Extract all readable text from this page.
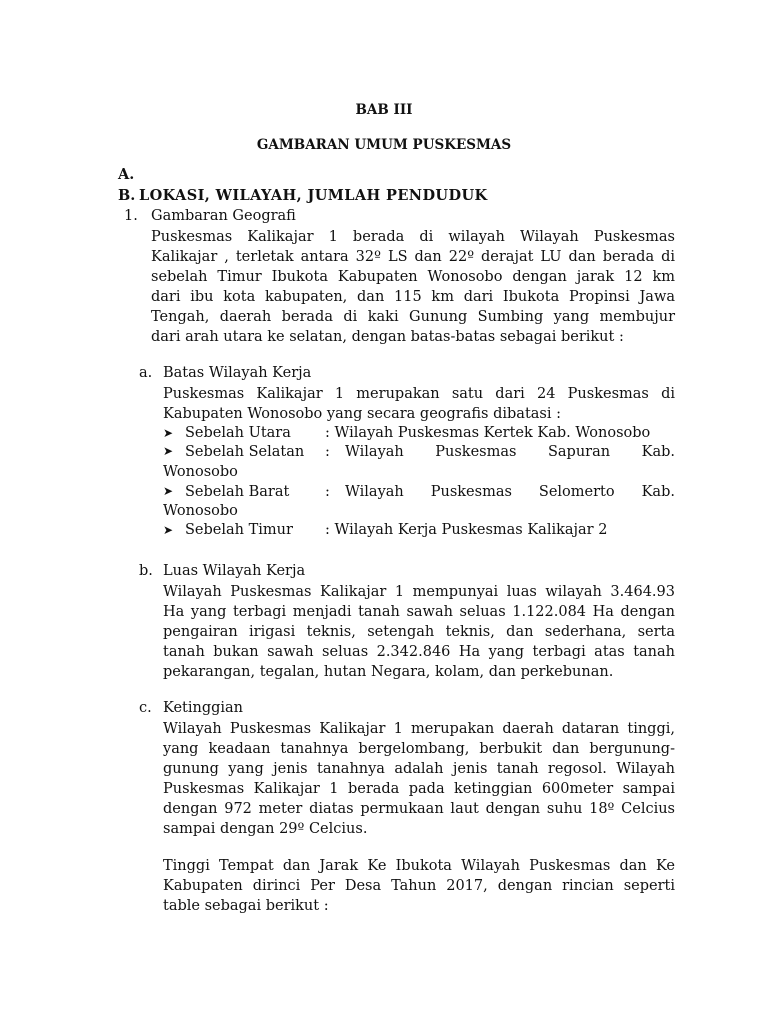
BAB III
GAMBARAN UMUM PUSKESMAS
A.
B. LOKASI, WILAYAH, JUMLAH PENDUDUK
1. Gambaran Geografi
Puskesmas Kalikajar 1 berada di wilayah Wilayah Puskesmas
Kalikajar , terletak antara 32º LS dan 22º derajat LU dan berada di
sebelah Timur Ibukota Kabupaten Wonosobo dengan jarak 12 km
dari ibu kota kabupaten, dan 115 km dari Ibukota Propinsi Jawa
Tengah, daerah berada di kaki Gunung Sumbing yang membujur
dari arah utara ke selatan, dengan batas-batas sebagai berikut :
a. Batas Wilayah Kerja
Puskesmas Kalikajar 1 merupakan satu dari 24 Puskesmas di
Kabupaten Wonosobo yang secara geografis dibatasi :
➤ Sebelah Utara : Wilayah Puskesmas Kertek Kab. Wonosobo
➤ Sebelah Selatan	:	Wilayah Puskesmas Sapuran Kab.
Wonosobo
➤ Sebelah Barat	:	Wilayah Puskesmas Selomerto Kab.
Wonosobo
➤ Sebelah Timur : Wilayah Kerja Puskesmas Kalikajar 2
b. Luas Wilayah Kerja
Wilayah Puskesmas Kalikajar 1 mempunyai luas wilayah 3.464.93
Ha yang terbagi menjadi tanah sawah seluas 1.122.084 Ha dengan
pengairan irigasi teknis, setengah teknis, dan sederhana, serta
tanah bukan sawah seluas 2.342.846 Ha yang terbagi atas tanah
pekarangan, tegalan, hutan Negara, kolam, dan perkebunan.
c. Ketinggian
Wilayah Puskesmas Kalikajar 1 merupakan daerah dataran tinggi,
yang keadaan tanahnya bergelombang, berbukit dan bergunung-
gunung yang jenis tanahnya adalah jenis tanah regosol. Wilayah
Puskesmas Kalikajar 1 berada pada ketinggian 600meter sampai
dengan 972 meter diatas permukaan laut dengan suhu 18º Celcius
sampai dengan 29º Celcius.
Tinggi Tempat dan Jarak Ke Ibukota Wilayah Puskesmas dan Ke
Kabupaten dirinci Per Desa Tahun 2017, dengan rincian seperti
table sebagai berikut :
